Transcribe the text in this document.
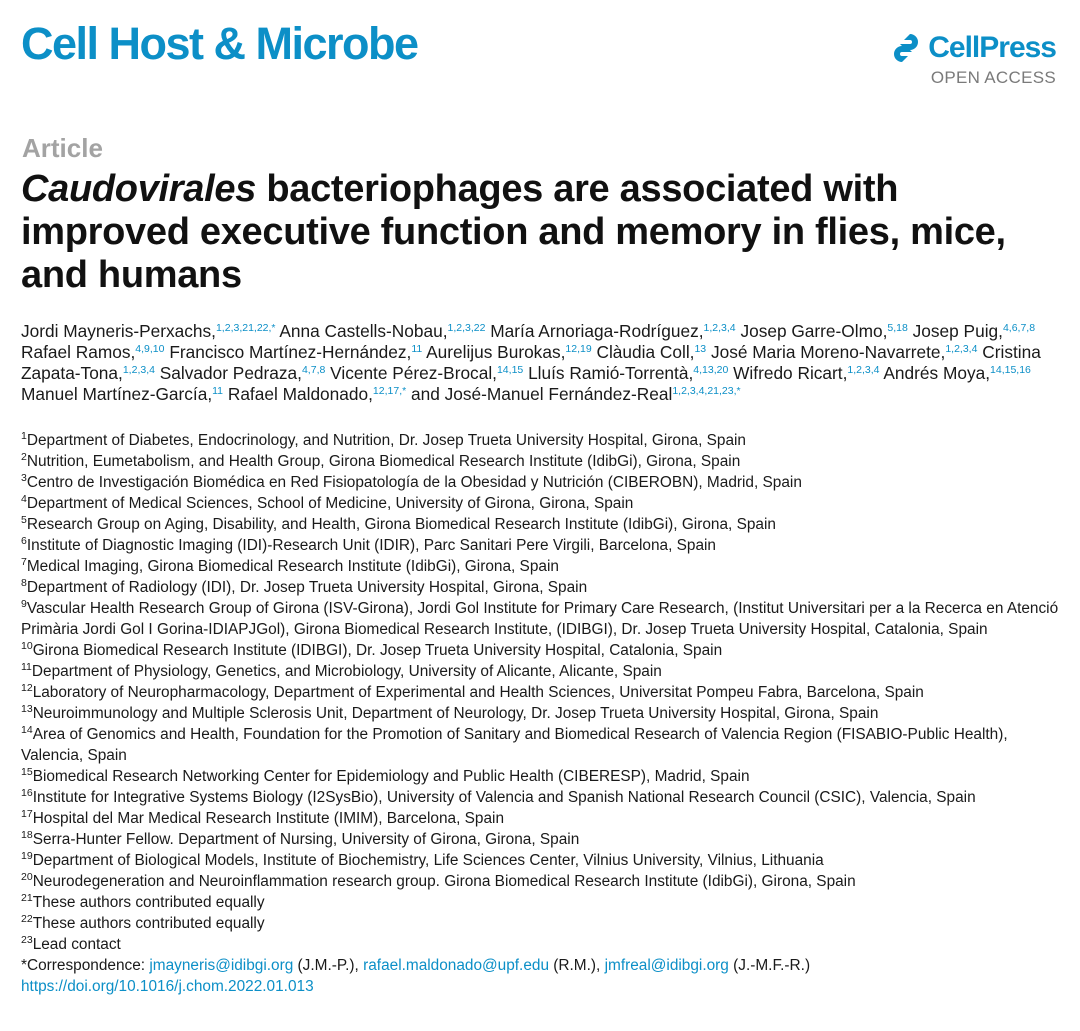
Cell Host & Microbe	CellPress
OPEN ACCESS
Article
Caudovirales bacteriophages are associated with improved executive function and memory in flies, mice, and humans
Jordi Mayneris-Perxachs,$^{1,2,3,21,22,*}$ Anna Castells-Nobau,$^{1,2,3,22}$ María Arnoriaga-Rodríguez,$^{1,2,3,4}$ Josep Garre-Olmo,$^{5,18}$ Josep Puig,$^{4,6,7,8}$ Rafael Ramos,$^{4,9,10}$ Francisco Martínez-Hernández,$^{11}$ Aurelijus Burokas,$^{12,19}$ Clàudia Coll,$^{13}$ José Maria Moreno-Navarrete,$^{1,2,3,4}$ Cristina Zapata-Tona,$^{1,2,3,4}$ Salvador Pedraza,$^{4,7,8}$ Vicente Pérez-Brocal,$^{14,15}$ Lluís Ramió-Torrentà,$^{4,13,20}$ Wifredo Ricart,$^{1,2,3,4}$ Andrés Moya,$^{14,15,16}$ Manuel Martínez-García,$^{11}$ Rafael Maldonado,$^{12,17,*}$ and José-Manuel Fernández-Real$^{1,2,3,4,21,23,*}$
$^1$Department of Diabetes, Endocrinology, and Nutrition, Dr. Josep Trueta University Hospital, Girona, Spain
$^2$Nutrition, Eumetabolism, and Health Group, Girona Biomedical Research Institute (IdibGi), Girona, Spain
$^3$Centro de Investigación Biomédica en Red Fisiopatología de la Obesidad y Nutrición (CIBEROBN), Madrid, Spain
$^4$Department of Medical Sciences, School of Medicine, University of Girona, Girona, Spain
$^5$Research Group on Aging, Disability, and Health, Girona Biomedical Research Institute (IdibGi), Girona, Spain
$^6$Institute of Diagnostic Imaging (IDI)-Research Unit (IDIR), Parc Sanitari Pere Virgili, Barcelona, Spain
$^7$Medical Imaging, Girona Biomedical Research Institute (IdibGi), Girona, Spain
$^8$Department of Radiology (IDI), Dr. Josep Trueta University Hospital, Girona, Spain
$^9$Vascular Health Research Group of Girona (ISV-Girona), Jordi Gol Institute for Primary Care Research, (Institut Universitari per a la Recerca en Atenció Primària Jordi Gol I Gorina-IDIAPJGol), Girona Biomedical Research Institute, (IDIBGI), Dr. Josep Trueta University Hospital, Catalonia, Spain
$^{10}$Girona Biomedical Research Institute (IDIBGI), Dr. Josep Trueta University Hospital, Catalonia, Spain
$^{11}$Department of Physiology, Genetics, and Microbiology, University of Alicante, Alicante, Spain
$^{12}$Laboratory of Neuropharmacology, Department of Experimental and Health Sciences, Universitat Pompeu Fabra, Barcelona, Spain
$^{13}$Neuroimmunology and Multiple Sclerosis Unit, Department of Neurology, Dr. Josep Trueta University Hospital, Girona, Spain
$^{14}$Area of Genomics and Health, Foundation for the Promotion of Sanitary and Biomedical Research of Valencia Region (FISABIO-Public Health), Valencia, Spain
$^{15}$Biomedical Research Networking Center for Epidemiology and Public Health (CIBERESP), Madrid, Spain
$^{16}$Institute for Integrative Systems Biology (I2SysBio), University of Valencia and Spanish National Research Council (CSIC), Valencia, Spain
$^{17}$Hospital del Mar Medical Research Institute (IMIM), Barcelona, Spain
$^{18}$Serra-Hunter Fellow. Department of Nursing, University of Girona, Girona, Spain
$^{19}$Department of Biological Models, Institute of Biochemistry, Life Sciences Center, Vilnius University, Vilnius, Lithuania
$^{20}$Neurodegeneration and Neuroinflammation research group. Girona Biomedical Research Institute (IdibGi), Girona, Spain
$^{21}$These authors contributed equally
$^{22}$These authors contributed equally
$^{23}$Lead contact
*Correspondence: jmayneris@idibgi.org (J.M.-P.), rafael.maldonado@upf.edu (R.M.), jmfreal@idibgi.org (J.-M.F.-R.)
https://doi.org/10.1016/j.chom.2022.01.013
